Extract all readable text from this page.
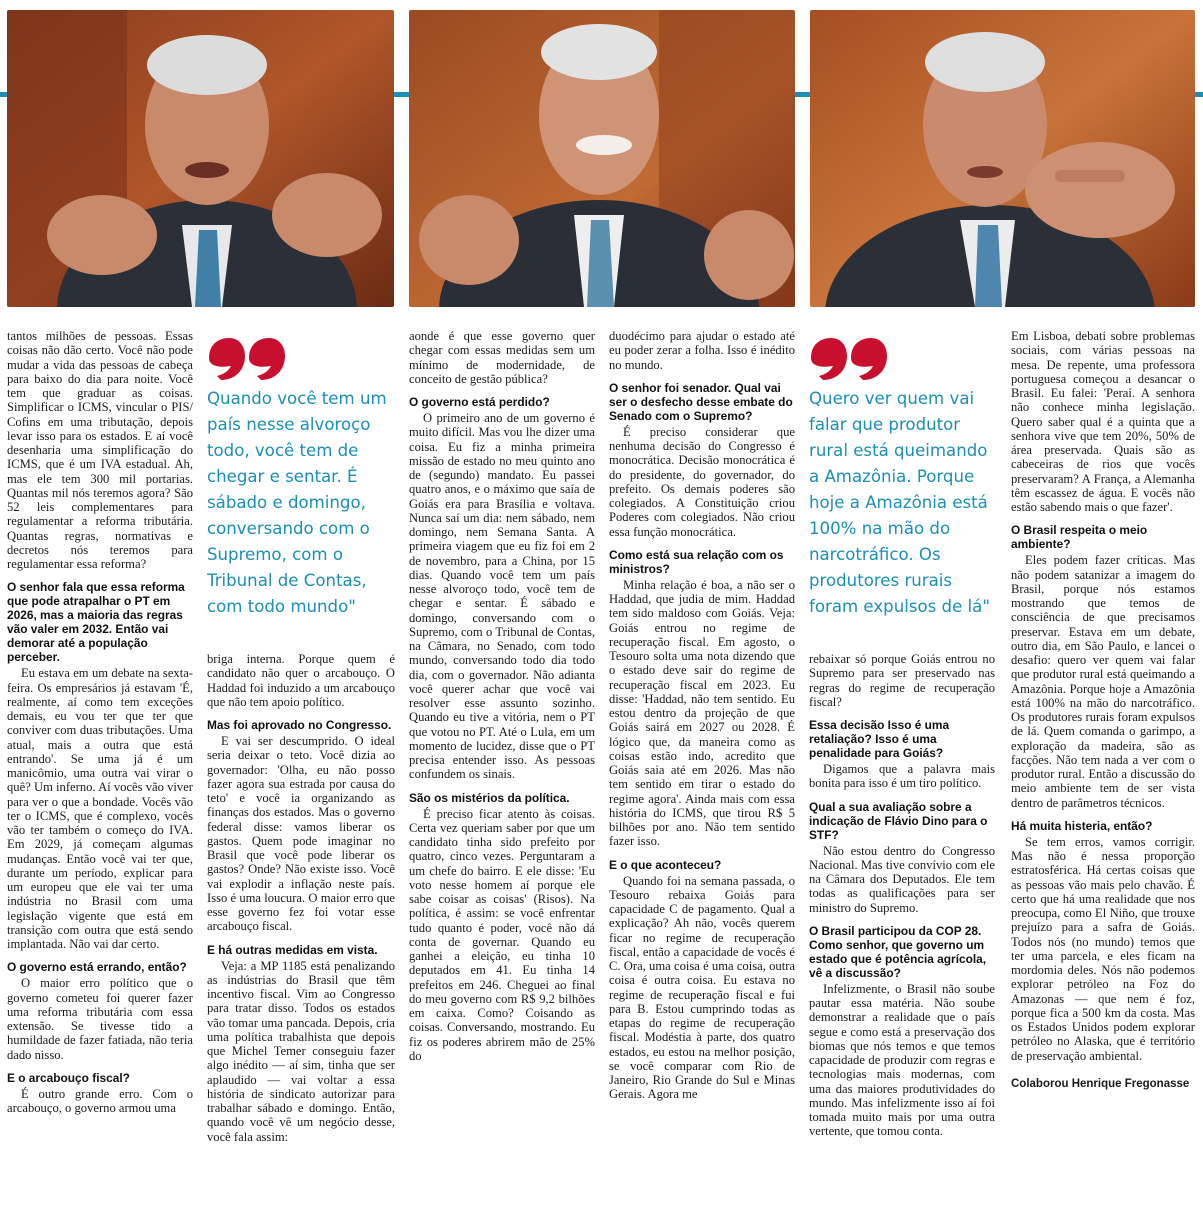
tantos milhões de pessoas. Essas coisas não dão certo. Você não pode mudar a vida das pessoas de cabeça para baixo do dia para noite. Você tem que graduar as coisas. Simplificar o ICMS, vincular o PIS/ Cofins em uma tributação, depois levar isso para os estados. E aí você desenharia uma simplificação do ICMS, que é um IVA estadual. Ah, mas ele tem 300 mil portarias. Quantas mil nós teremos agora? São 52 leis complementares para regulamentar a reforma tributária. Quantas regras, normativas e decretos nós teremos para regulamentar essa reforma?

O senhor fala que essa reforma que pode atrapalhar o PT em 2026, mas a maioria das regras vão valer em 2032. Então vai demorar até a população perceber.

Eu estava em um debate na sexta-feira. Os empresários já estavam 'É, realmente, aí como tem exceções demais, eu vou ter que ter que conviver com duas tributações. Uma atual, mais a outra que está entrando'. Se uma já é um manicômio, uma outra vai virar o quê? Um inferno. Aí vocês vão viver para ver o que a bondade. Vocês vão ter o ICMS, que é complexo, vocês vão ter também o começo do IVA. Em 2029, já começam algumas mudanças. Então você vai ter que, durante um período, explicar para um europeu que ele vai ter uma indústria no Brasil com uma legislação vigente que está em transição com outra que está sendo implantada. Não vai dar certo.

O governo está errando, então?

O maior erro político que o governo cometeu foi querer fazer uma reforma tributária com essa extensão. Se tivesse tido a humildade de fazer fatiada, não teria dado nisso.

E o arcabouço fiscal?

É outro grande erro. Com o arcabouço, o governo armou uma

Quando você tem um país nesse alvoroço todo, você tem de chegar e sentar. É sábado e domingo, conversando com o Supremo, com o Tribunal de Contas, com todo mundo"

briga interna. Porque quem é candidato não quer o arcabouço. O Haddad foi induzido a um arcabouço que não tem apoio político.

Mas foi aprovado no Congresso.

E vai ser descumprido. O ideal seria deixar o teto. Você dizia ao governador: 'Olha, eu não posso fazer agora sua estrada por causa do teto' e você ia organizando as finanças dos estados. Mas o governo federal disse: vamos liberar os gastos. Quem pode imaginar no Brasil que você pode liberar os gastos? Onde? Não existe isso. Você vai explodir a inflação neste país. Isso é uma loucura. O maior erro que esse governo fez foi votar esse arcabouço fiscal.

E há outras medidas em vista.

Veja: a MP 1185 está penalizando as indústrias do Brasil que têm incentivo fiscal. Vim ao Congresso para tratar disso. Todos os estados vão tomar uma pancada. Depois, cria uma política trabalhista que depois que Michel Temer conseguiu fazer algo inédito — aí sim, tinha que ser aplaudido — vai voltar a essa história de sindicato autorizar para trabalhar sábado e domingo. Então, quando você vê um negócio desse, você fala assim:

aonde é que esse governo quer chegar com essas medidas sem um mínimo de modernidade, de conceito de gestão pública?

O governo está perdido?

O primeiro ano de um governo é muito difícil. Mas vou lhe dizer uma coisa. Eu fiz a minha primeira missão de estado no meu quinto ano de (segundo) mandato. Eu passei quatro anos, e o máximo que saía de Goiás era para Brasília e voltava. Nunca saí um dia: nem sábado, nem domingo, nem Semana Santa. A primeira viagem que eu fiz foi em 2 de novembro, para a China, por 15 dias. Quando você tem um país nesse alvoroço todo, você tem de chegar e sentar. É sábado e domingo, conversando com o Supremo, com o Tribunal de Contas, na Câmara, no Senado, com todo mundo, conversando todo dia todo dia, com o governador. Não adianta você querer achar que você vai resolver esse assunto sozinho. Quando eu tive a vitória, nem o PT que votou no PT. Até o Lula, em um momento de lucidez, disse que o PT precisa entender isso. As pessoas confundem os sinais.

São os mistérios da política.

É preciso ficar atento às coisas. Certa vez queriam saber por que um candidato tinha sido prefeito por quatro, cinco vezes. Perguntaram a um chefe do bairro. E ele disse: 'Eu voto nesse homem aí porque ele sabe coisar as coisas' (Risos). Na política, é assim: se você enfrentar tudo quanto é poder, você não dá conta de governar. Quando eu ganhei a eleição, eu tinha 10 deputados em 41. Eu tinha 14 prefeitos em 246. Cheguei ao final do meu governo com R$ 9,2 bilhões em caixa. Como? Coisando as coisas. Conversando, mostrando. Eu fiz os poderes abrirem mão de 25% do

duodécimo para ajudar o estado até eu poder zerar a folha. Isso é inédito no mundo.

O senhor foi senador. Qual vai ser o desfecho desse embate do Senado com o Supremo?

É preciso considerar que nenhuma decisão do Congresso é monocrática. Decisão monocrática é do presidente, do governador, do prefeito. Os demais poderes são colegiados. A Constituição criou Poderes com colegiados. Não criou essa função monocrática.

Como está sua relação com os ministros?

Minha relação é boa, a não ser o Haddad, que judia de mim. Haddad tem sido maldoso com Goiás. Veja: Goiás entrou no regime de recuperação fiscal. Em agosto, o Tesouro solta uma nota dizendo que o estado deve sair do regime de recuperação fiscal em 2023. Eu disse: 'Haddad, não tem sentido. Eu estou dentro da projeção de que Goiás sairá em 2027 ou 2028. É lógico que, da maneira como as coisas estão indo, acredito que Goiás saia até em 2026. Mas não tem sentido em tirar o estado do regime agora'. Ainda mais com essa história do ICMS, que tirou R$ 5 bilhões por ano. Não tem sentido fazer isso.

E o que aconteceu?

Quando foi na semana passada, o Tesouro rebaixa Goiás para capacidade C de pagamento. Qual a explicação? Ah não, vocês querem ficar no regime de recuperação fiscal, então a capacidade de vocês é C. Ora, uma coisa é uma coisa, outra coisa é outra coisa. Eu estava no regime de recuperação fiscal e fui para B. Estou cumprindo todas as etapas do regime de recuperação fiscal. Modéstia à parte, dos quatro estados, eu estou na melhor posição, se você comparar com Rio de Janeiro, Rio Grande do Sul e Minas Gerais. Agora me

Quero ver quem vai falar que produtor rural está queimando a Amazônia. Porque hoje a Amazônia está 100% na mão do narcotráfico. Os produtores rurais foram expulsos de lá"

rebaixar só porque Goiás entrou no Supremo para ser preservado nas regras do regime de recuperação fiscal?

Essa decisão Isso é uma retaliação? Isso é uma penalidade para Goiás?

Digamos que a palavra mais bonita para isso é um tiro político.

Qual a sua avaliação sobre a indicação de Flávio Dino para o STF?

Não estou dentro do Congresso Nacional. Mas tive convívio com ele na Câmara dos Deputados. Ele tem todas as qualificações para ser ministro do Supremo.

O Brasil participou da COP 28. Como senhor, que governo um estado que é potência agrícola, vê a discussão?

Infelizmente, o Brasil não soube pautar essa matéria. Não soube demonstrar a realidade que o país segue e como está a preservação dos biomas que nós temos e que temos capacidade de produzir com regras e tecnologias mais modernas, com uma das maiores produtividades do mundo. Mas infelizmente isso aí foi tomada muito mais por uma outra vertente, que tomou conta.

Em Lisboa, debati sobre problemas sociais, com várias pessoas na mesa. De repente, uma professora portuguesa começou a desancar o Brasil. Eu falei: 'Peraí. A senhora não conhece minha legislação. Quero saber qual é a quinta que a senhora vive que tem 20%, 50% de área preservada. Quais são as cabeceiras de rios que vocês preservaram? A França, a Alemanha têm escassez de água. E vocês não estão sabendo mais o que fazer'.

O Brasil respeita o meio ambiente?

Eles podem fazer críticas. Mas não podem satanizar a imagem do Brasil, porque nós estamos mostrando que temos de consciência de que precisamos preservar. Estava em um debate, outro dia, em São Paulo, e lancei o desafio: quero ver quem vai falar que produtor rural está queimando a Amazônia. Porque hoje a Amazônia está 100% na mão do narcotráfico. Os produtores rurais foram expulsos de lá. Quem comanda o garimpo, a exploração da madeira, são as facções. Não tem nada a ver com o produtor rural. Então a discussão do meio ambiente tem de ser vista dentro de parâmetros técnicos.

Há muita histeria, então?

Se tem erros, vamos corrigir. Mas não é nessa proporção estratosférica. Há certas coisas que as pessoas vão mais pelo chavão. É certo que há uma realidade que nos preocupa, como El Niño, que trouxe prejuízo para a safra de Goiás. Todos nós (no mundo) temos que ter uma parcela, e eles ficam na mordomia deles. Nós não podemos explorar petróleo na Foz do Amazonas — que nem é foz, porque fica a 500 km da costa. Mas os Estados Unidos podem explorar petróleo no Alaska, que é território de preservação ambiental.

Colaborou Henrique Fregonasse
